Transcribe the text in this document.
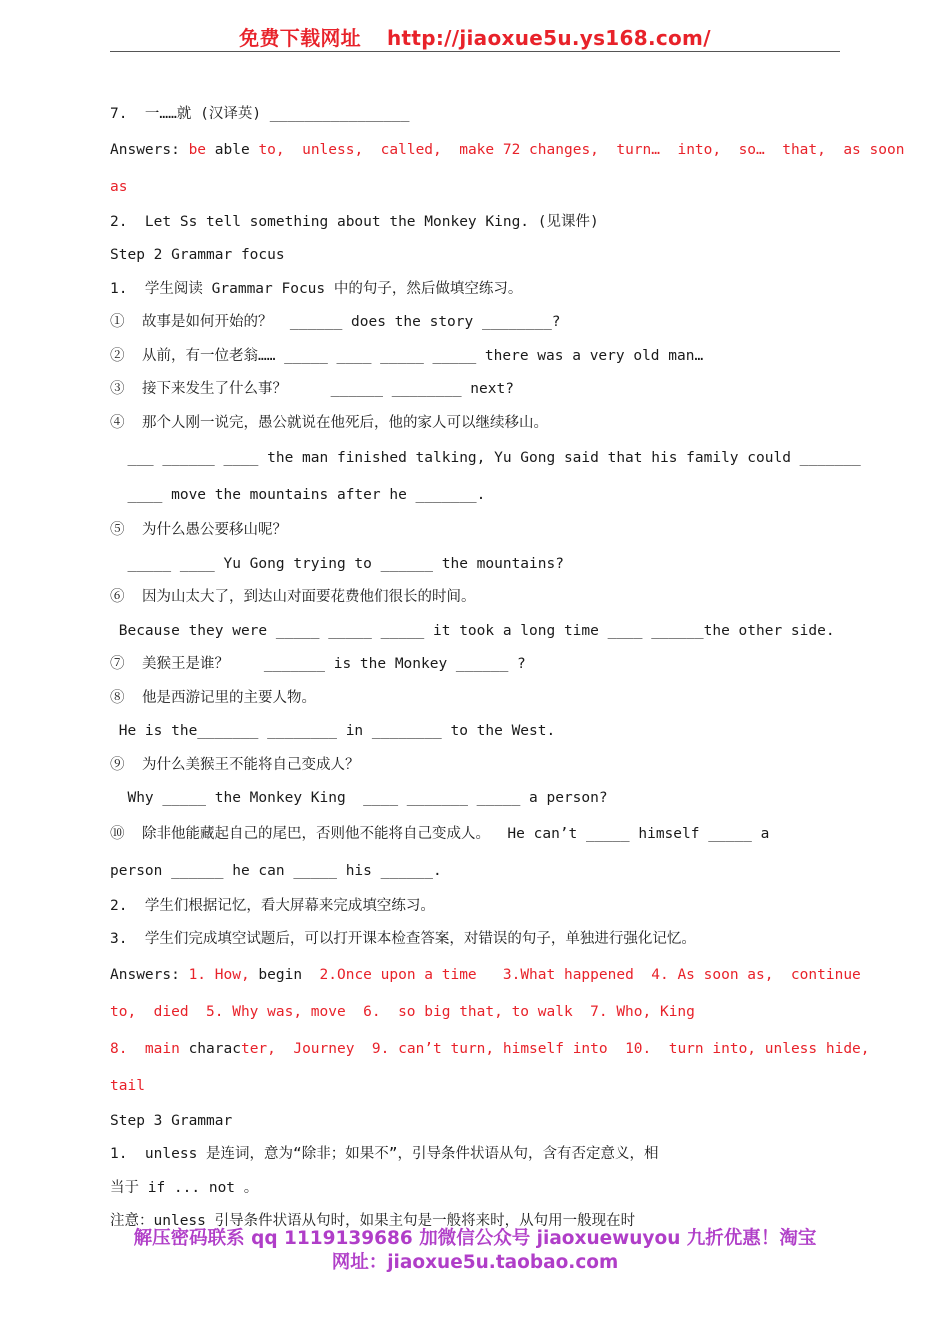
免费下载网址 http://jiaoxue5u.ys168.com/
7.  一……就 (汉译英) ________________
Answers: be able to,  unless,  called,  make 72 changes,  turn…  into,  so…  that,  as soon
as
2.  Let Ss tell something about the Monkey King. (见课件)
Step 2 Grammar focus
1.  学生阅读 Grammar Focus 中的句子，然后做填空练习。
①  故事是如何开始的？  ______ does the story ________?
②  从前，有一位老翁…… _____ ____ _____ _____ there was a very old man…
③  接下来发生了什么事？     ______ ________ next?
④  那个人刚一说完，愚公就说在他死后，他的家人可以继续移山。
___ ______ ____ the man finished talking, Yu Gong said that his family could _______
____ move the mountains after he _______.
⑤  为什么愚公要移山呢？
_____ ____ Yu Gong trying to ______ the mountains?
⑥  因为山太大了，到达山对面要花费他们很长的时间。
Because they were _____ _____ _____ it took a long time ____ ______the other side.
⑦  美猴王是谁？    _______ is the Monkey ______ ?
⑧  他是西游记里的主要人物。
He is the_______ ________ in ________ to the West.
⑨  为什么美猴王不能将自己变成人？
Why _____ the Monkey King  ____ _______ _____ a person?
⑩  除非他能藏起自己的尾巴，否则他不能将自己变成人。  He can’t _____ himself _____ a
person ______ he can _____ his ______.
2.  学生们根据记忆，看大屏幕来完成填空练习。
3.  学生们完成填空试题后，可以打开课本检查答案，对错误的句子，单独进行强化记忆。
Answers: 1. How, begin  2.Once upon a time   3.What happened  4. As soon as,  continue
to,  died  5. Why was, move  6.  so big that, to walk  7. Who, King
8.  main character,  Journey  9. can’t turn, himself into  10.  turn into, unless hide,
tail
Step 3 Grammar
1.  unless 是连词，意为“除非；如果不”，引导条件状语从句，含有否定意义，相
当于 if ... not 。
注意：unless 引导条件状语从句时，如果主句是一般将来时，从句用一般现在时
解压密码联系 qq 1119139686 加微信公众号 jiaoxuewuyou 九折优惠！淘宝
网址：jiaoxue5u.taobao.com
